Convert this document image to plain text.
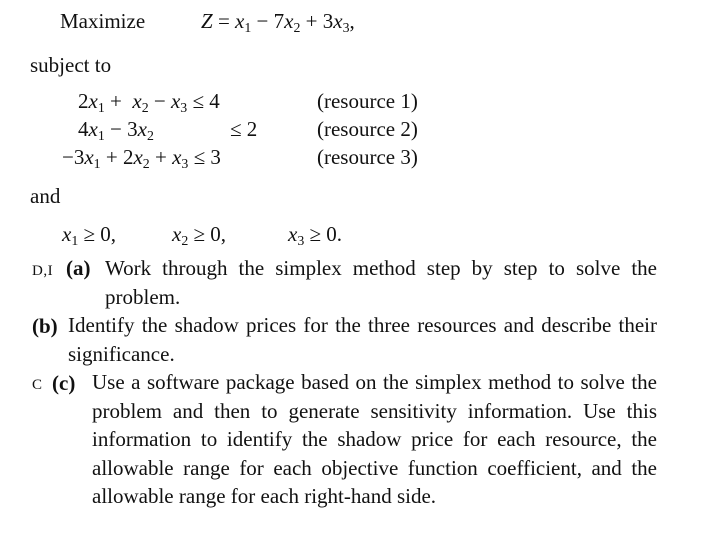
Maximize	$Z = x_1 - 7x_2 + 3x_3$,
subject to
$2x_1 + x_2 - x_3 \le 4$	(resource 1)
$4x_1 - 3x_2$	≤ 2	(resource 2)
$-3x_1 + 2x_2 + x_3 \le 3$	(resource 3)
and
$x_1 \ge 0$,	$x_2 \ge 0$,	$x_3 \ge 0$.
D,I (a) Work through the simplex method step by step to solve the problem.
(b) Identify the shadow prices for the three resources and describe their significance.
C (c) Use a software package based on the simplex method to solve the problem and then to generate sensitivity information. Use this information to identify the shadow price for each resource, the allowable range for each objective function coefficient, and the allowable range for each right-hand side.
